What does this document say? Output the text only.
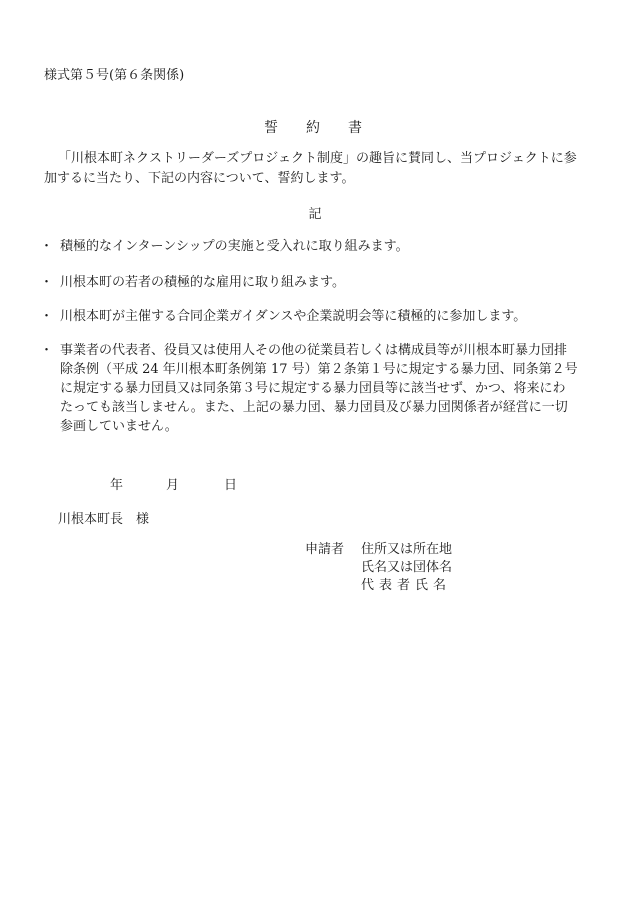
様式第５号(第６条関係)
誓約書
「川根本町ネクストリーダーズプロジェクト制度」の趣旨に賛同し、当プロジェクトに参
加するに当たり、下記の内容について、誓約します。
記
・ 積極的なインターンシップの実施と受入れに取り組みます。
・ 川根本町の若者の積極的な雇用に取り組みます。
・ 川根本町が主催する合同企業ガイダンスや企業説明会等に積極的に参加します。
・ 事業者の代表者、役員又は使用人その他の従業員若しくは構成員等が川根本町暴力団排
除条例（平成 24 年川根本町条例第 17 号）第２条第１号に規定する暴力団、同条第２号
に規定する暴力団員又は同条第３号に規定する暴力団員等に該当せず、かつ、将来にわ
たっても該当しません。また、上記の暴力団、暴力団員及び暴力団関係者が経営に一切
参画していません。
年	月	日
川根本町長　様
申請者 住所又は所在地
氏名又は団体名
代表者氏名
